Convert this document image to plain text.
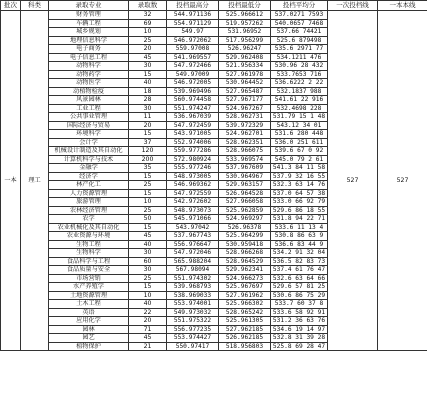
批次	科类	录取专业	录取数	投档最高分	投档最低分	投档平均分	一次投档线	一本本线
一本	理工	财务管理	32	544.971136	525.966612	537.0271 7593	527	527
		车辆工程	69	554.971129	519.957262	540.0657 7468		
		城乡规划	10	549.97	531.96952	537.66 74421		
		地理信息科学	25	546.972062	517.956299	525.6 879498		
		电子商务	20	559.97008	526.96247	535.6 2971 77		
		电子信息工程	45	541.969557	529.962408	534.1211 476		
		动物科学	30	547.972466	521.956334	530.96 28 432		
		动物药学	15	549.97009	527.961978	533.7653 716		
		动物医学	40	546.972005	530.964452	536.6222 2 22		
		动植物检疫	18	539.969496	527.965487	532.1837 988		
		风景园林	28	560.974458	527.967177	541.61 22 916		
		工业工程	30	551.974247	524.967267	532.4698 228		
		公共事业管理	11	536.967039	528.962731	531.79 15 1 48		
		国际经济与贸易	20	547.972459	539.972329	543.12 34 01		
		环境科学	15	543.971005	524.962701	531.6 280 448		
		会计学	37	552.974006	528.962351	536.0 251 611		
		机械设计制造及其自动化	120	559.977286	528.966075	539.6 67 0 92		
		计算机科学与技术	200	572.980924	533.969574	545.0 79 2 61		
		金融学	35	555.977246	537.967609	541.3 84 11 58		
		经济学	15	548.973005	530.964967	537.9 32 16 55		
		林产化工	25	546.969362	529.963157	532.3 63 14 76		
		人力资源管理	15	547.972559	526.964528	537.0 64 57 38		
		旅游管理	10	542.972602	527.966058	533.0 66 92 79		
		农林经济管理	25	548.973073	525.962859	529.6 86 18 55		
		农学	50	545.971066	524.969297	531.8 94 22 71		
		农业机械化及其自动化	15	543.97042	526.96378	533.6 11 13 4		
		农业资源与环境	45	537.967743	525.964299	530.8 86 63 9		
		生物工程	40	556.976647	530.959418	536.6 83 44 9		
		生物科学	30	547.972046	528.966268	534.2 91 32 04		
		食品科学与工程	60	565.988204	528.964529	536.5 82 83 73		
		食品质量与安全	30	567.98094	529.962341	537.4 61 76 47		
		市场营销	25	551.974302	524.966273	532.6 63 64 66		
		水产养殖学	15	539.968793	525.967697	529.6 57 81 25		
		土地资源管理	10	538.969033	527.961962	530.6 86 75 29		
		土木工程	40	553.974001	525.966302	533.7 60 37 8		
		英语	22	549.973032	528.965242	533.6 58 92 91		
		应用化学	20	551.975322	525.961305	531.2 36 63 76		
		园林	71	556.977235	527.962185	534.6 19 14 97		
		园艺	45	553.974427	526.962185	532.8 31 39 28		
		植物保护	21	550.97417	518.956803	525.8 69 28 47		
